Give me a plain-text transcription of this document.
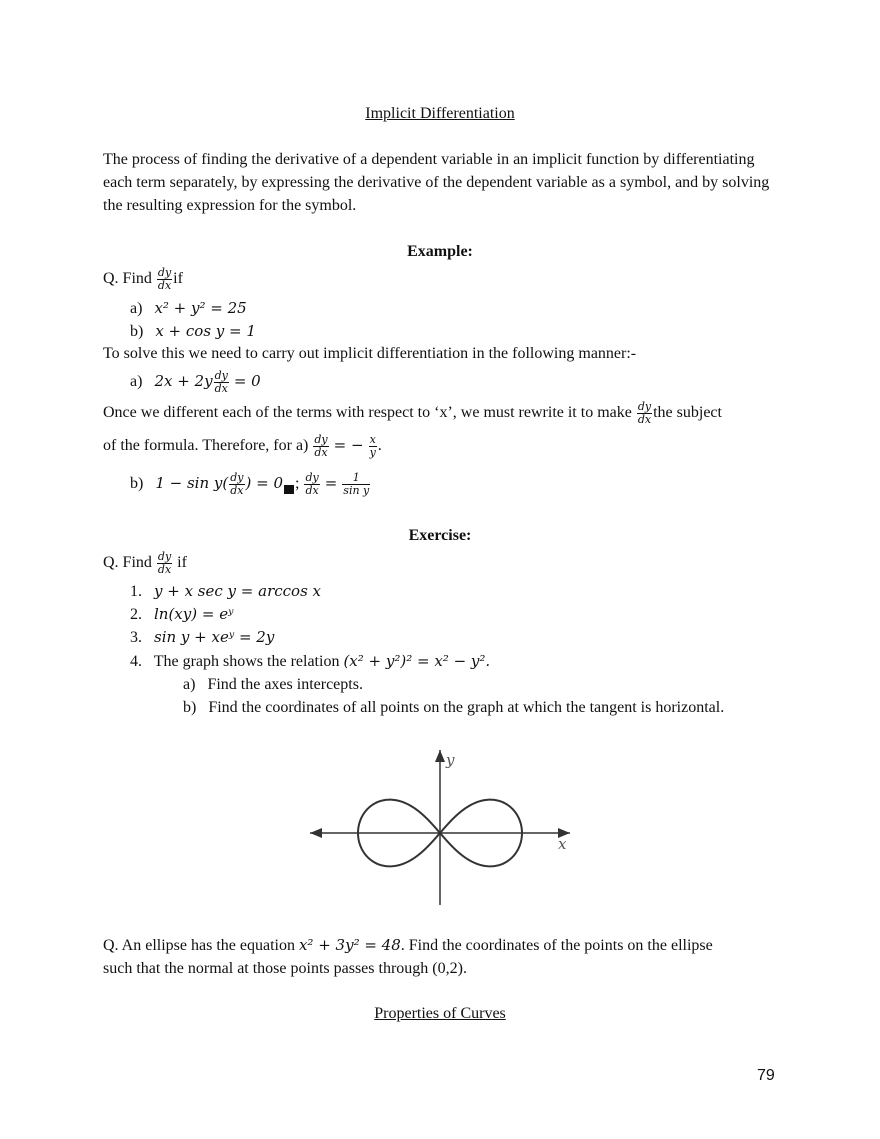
Implicit Differentiation
The process of finding the derivative of a dependent variable in an implicit function by differentiating each term separately, by expressing the derivative of the dependent variable as a symbol, and by solving the resulting expression for the symbol.
Example:
Q. Find $\frac{dy}{dx}$ if
a) x² + y² = 25
b) x + cos y = 1
To solve this we need to carry out implicit differentiation in the following manner:-
a) $2x + 2y \frac{dy}{dx} = 0$
Once we different each of the terms with respect to ‘x’, we must rewrite it to make $\frac{dy}{dx}$ the subject
of the formula. Therefore, for $a) \frac{dy}{dx}$ = − $\frac{x}{y}$ .
b) $1 - \sin y( \frac{dy}{dx}$ ) = 0 ; $\frac{dy}{dx} = \frac{1}{\text{sin y}}$
Exercise:
Q. Find $\frac{dy}{dx}$ if
1. y + x sec y = arccos x
2. ln(xy) = eʸ
3. sin y + xeʸ = 2y
4. The graph shows the relation (x² + y²)² = x² − y².
a) Find the axes intercepts.
b) Find the coordinates of all points on the graph at which the tangent is horizontal.
x
y
Q. An ellipse has the equation x² + 3y² = 48. Find the coordinates of the points on the ellipse
such that the normal at those points passes through (0,2).
Properties of Curves
79
